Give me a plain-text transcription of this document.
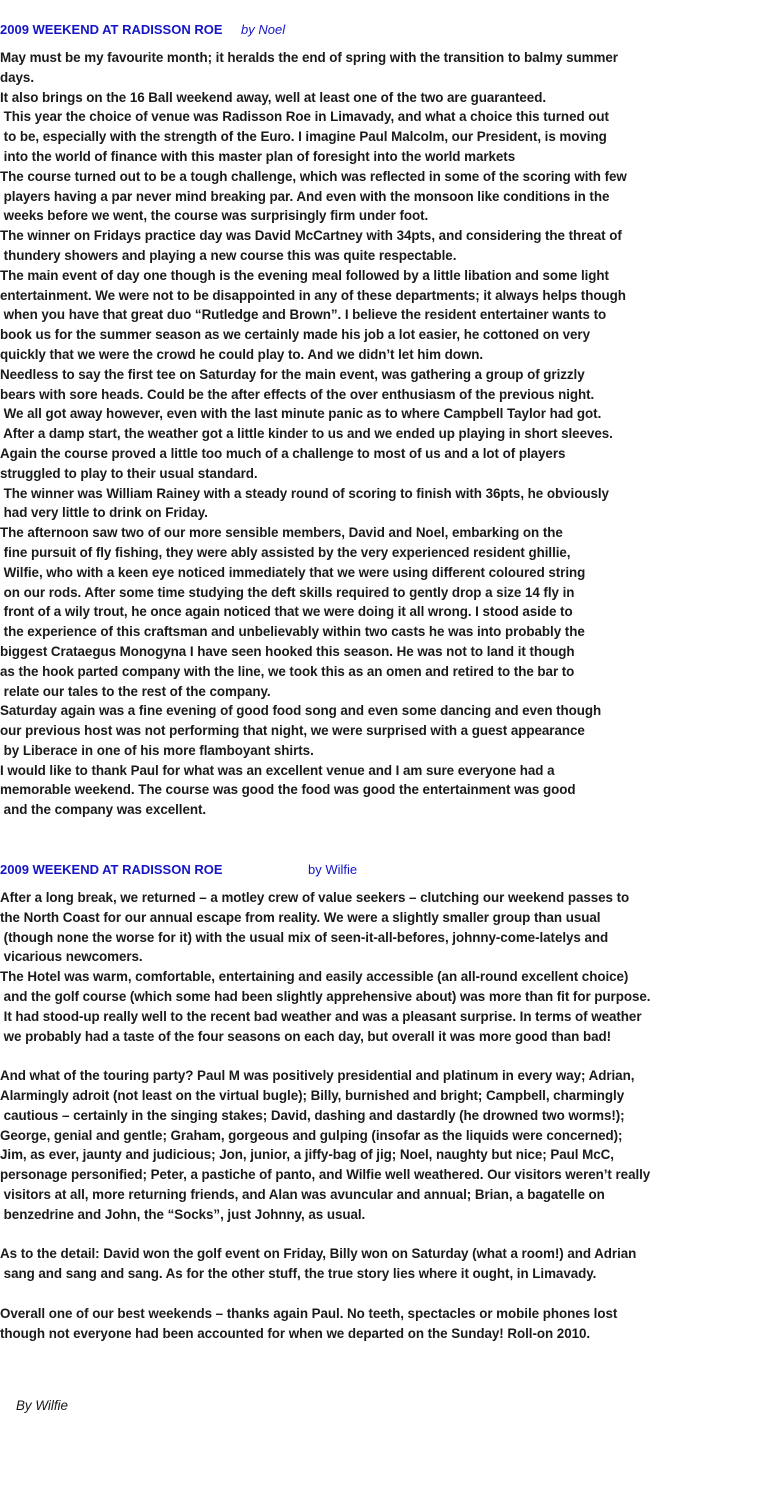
2009 WEEKEND AT RADISSON ROE by Noel
May must be my favourite month; it heralds the end of spring with the transition to balmy summer
days.
It also brings on the 16 Ball weekend away, well at least one of the two are guaranteed.
This year the choice of venue was Radisson Roe in Limavady, and what a choice this turned out
to be, especially with the strength of the Euro. I imagine Paul Malcolm, our President, is moving
into the world of finance with this master plan of foresight into the world markets
The course turned out to be a tough challenge, which was reflected in some of the scoring with few
players having a par never mind breaking par. And even with the monsoon like conditions in the
weeks before we went, the course was surprisingly firm under foot.
The winner on Fridays practice day was David McCartney with 34pts, and considering the threat of
thundery showers and playing a new course this was quite respectable.
The main event of day one though is the evening meal followed by a little libation and some light
entertainment. We were not to be disappointed in any of these departments; it always helps though
when you have that great duo “Rutledge and Brown”. I believe the resident entertainer wants to
book us for the summer season as we certainly made his job a lot easier, he cottoned on very
quickly that we were the crowd he could play to. And we didn’t let him down.
Needless to say the first tee on Saturday for the main event, was gathering a group of grizzly
bears with sore heads. Could be the after effects of the over enthusiasm of the previous night.
We all got away however, even with the last minute panic as to where Campbell Taylor had got.
After a damp start, the weather got a little kinder to us and we ended up playing in short sleeves.
Again the course proved a little too much of a challenge to most of us and a lot of players
struggled to play to their usual standard.
The winner was William Rainey with a steady round of scoring to finish with 36pts, he obviously
had very little to drink on Friday.
The afternoon saw two of our more sensible members, David and Noel, embarking on the
fine pursuit of fly fishing, they were ably assisted by the very experienced resident ghillie,
Wilfie, who with a keen eye noticed immediately that we were using different coloured string
on our rods. After some time studying the deft skills required to gently drop a size 14 fly in
front of a wily trout, he once again noticed that we were doing it all wrong. I stood aside to
the experience of this craftsman and unbelievably within two casts he was into probably the
biggest Crataegus Monogyna I have seen hooked this season. He was not to land it though
as the hook parted company with the line, we took this as an omen and retired to the bar to
relate our tales to the rest of the company.
Saturday again was a fine evening of good food song and even some dancing and even though
our previous host was not performing that night, we were surprised with a guest appearance
by Liberace in one of his more flamboyant shirts.
I would like to thank Paul for what was an excellent venue and I am sure everyone had a
memorable weekend. The course was good the food was good the entertainment was good
and the company was excellent.
2009 WEEKEND AT RADISSON ROE	by Wilfie
After a long break, we returned – a motley crew of value seekers – clutching our weekend passes to
the North Coast for our annual escape from reality. We were a slightly smaller group than usual
(though none the worse for it) with the usual mix of seen-it-all-befores, johnny-come-latelys and
vicarious newcomers.
The Hotel was warm, comfortable, entertaining and easily accessible (an all-round excellent choice)
and the golf course (which some had been slightly apprehensive about) was more than fit for purpose.
It had stood-up really well to the recent bad weather and was a pleasant surprise. In terms of weather
we probably had a taste of the four seasons on each day, but overall it was more good than bad!
And what of the touring party? Paul M was positively presidential and platinum in every way; Adrian,
Alarmingly adroit (not least on the virtual bugle); Billy, burnished and bright; Campbell, charmingly
cautious – certainly in the singing stakes; David, dashing and dastardly (he drowned two worms!);
George, genial and gentle; Graham, gorgeous and gulping (insofar as the liquids were concerned);
Jim, as ever, jaunty and judicious; Jon, junior, a jiffy-bag of jig; Noel, naughty but nice; Paul McC,
personage personified; Peter, a pastiche of panto, and Wilfie well weathered. Our visitors weren’t really
visitors at all, more returning friends, and Alan was avuncular and annual; Brian, a bagatelle on
benzedrine and John, the “Socks”, just Johnny, as usual.
As to the detail: David won the golf event on Friday, Billy won on Saturday (what a room!) and Adrian
sang and sang and sang. As for the other stuff, the true story lies where it ought, in Limavady.
Overall one of our best weekends – thanks again Paul. No teeth, spectacles or mobile phones lost
though not everyone had been accounted for when we departed on the Sunday! Roll-on 2010.
By Wilfie
